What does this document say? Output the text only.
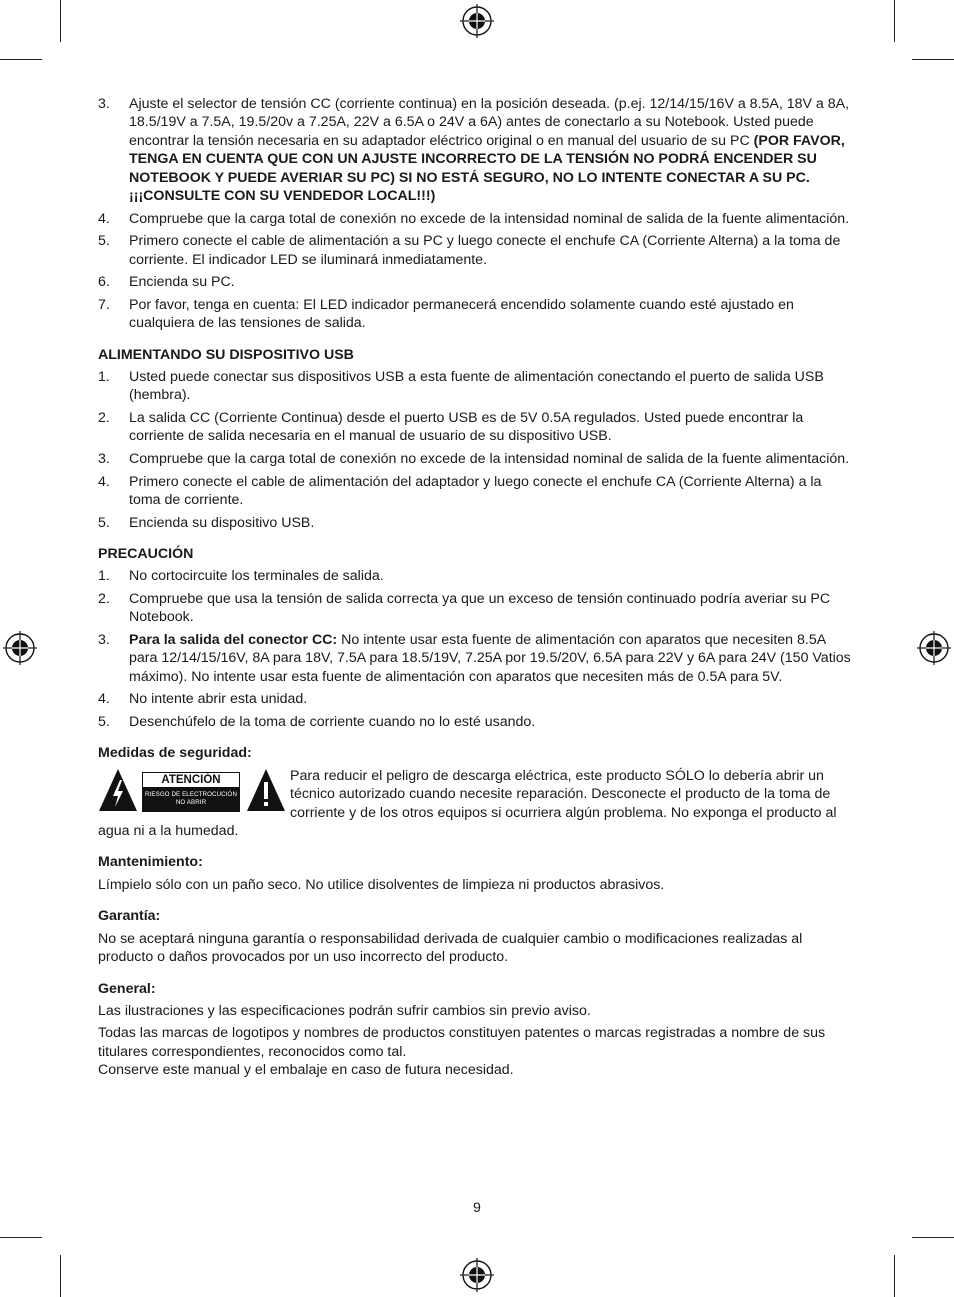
3. Ajuste el selector de tensión CC (corriente continua) en la posición deseada. (p.ej. 12/14/15/16V a 8.5A, 18V a 8A, 18.5/19V a 7.5A, 19.5/20v a 7.25A, 22V a 6.5A o 24V a 6A) antes de conectarlo a su Notebook. Usted puede encontrar la tensión necesaria en su adaptador eléctrico original o en manual del usuario de su PC (POR FAVOR, TENGA EN CUENTA QUE CON UN AJUSTE INCORRECTO DE LA TENSIÓN NO PODRÁ ENCENDER SU NOTEBOOK Y PUEDE AVERIAR SU PC) SI NO ESTÁ SEGURO, NO LO INTENTE CONECTAR A SU PC. ¡¡¡CONSULTE CON SU VENDEDOR LOCAL!!!)
4. Compruebe que la carga total de conexión no excede de la intensidad nominal de salida de la fuente alimentación.
5. Primero conecte el cable de alimentación a su PC y luego conecte el enchufe CA (Corriente Alterna) a la toma de corriente. El indicador LED se iluminará inmediatamente.
6. Encienda su PC.
7. Por favor, tenga en cuenta: El LED indicador permanecerá encendido solamente cuando esté ajustado en cualquiera de las tensiones de salida.
ALIMENTANDO SU DISPOSITIVO USB
1. Usted puede conectar sus dispositivos USB a esta fuente de alimentación conectando el puerto de salida USB (hembra).
2. La salida CC (Corriente Continua) desde el puerto USB es de 5V 0.5A regulados. Usted puede encontrar la corriente de salida necesaria en el manual de usuario de su dispositivo USB.
3. Compruebe que la carga total de conexión no excede de la intensidad nominal de salida de la fuente alimentación.
4. Primero conecte el cable de alimentación del adaptador y luego conecte el enchufe CA (Corriente Alterna) a la toma de corriente.
5. Encienda su dispositivo USB.
PRECAUCIÓN
1. No cortocircuite los terminales de salida.
2. Compruebe que usa la tensión de salida correcta ya que un exceso de tensión continuado podría averiar su PC Notebook.
3. Para la salida del conector CC: No intente usar esta fuente de alimentación con aparatos que necesiten 8.5A para 12/14/15/16V, 8A para 18V, 7.5A para 18.5/19V, 7.25A por 19.5/20V, 6.5A para 22V y 6A para 24V (150 Vatios máximo). No intente usar esta fuente de alimentación con aparatos que necesiten más de 0.5A para 5V.
4. No intente abrir esta unidad.
5. Desenchúfelo de la toma de corriente cuando no lo esté usando.
Medidas de seguridad:
ATENCIÓN
RIESGO DE ELECTROCUCIÓN NO ABRIR

Para reducir el peligro de descarga eléctrica, este producto SÓLO lo debería abrir un técnico autorizado cuando necesite reparación. Desconecte el producto de la toma de corriente y de los otros equipos si ocurriera algún problema. No exponga el producto al agua ni a la humedad.

Mantenimiento:

Límpielo sólo con un paño seco. No utilice disolventes de limpieza ni productos abrasivos.

Garantía:

No se aceptará ninguna garantía o responsabilidad derivada de cualquier cambio o modificaciones realizadas al producto o daños provocados por un uso incorrecto del producto.

General:

Las ilustraciones y las especificaciones podrán sufrir cambios sin previo aviso.

Todas las marcas de logotipos y nombres de productos constituyen patentes o marcas registradas a nombre de sus titulares correspondientes, reconocidos como tal.

Conserve este manual y el embalaje en caso de futura necesidad.

9
